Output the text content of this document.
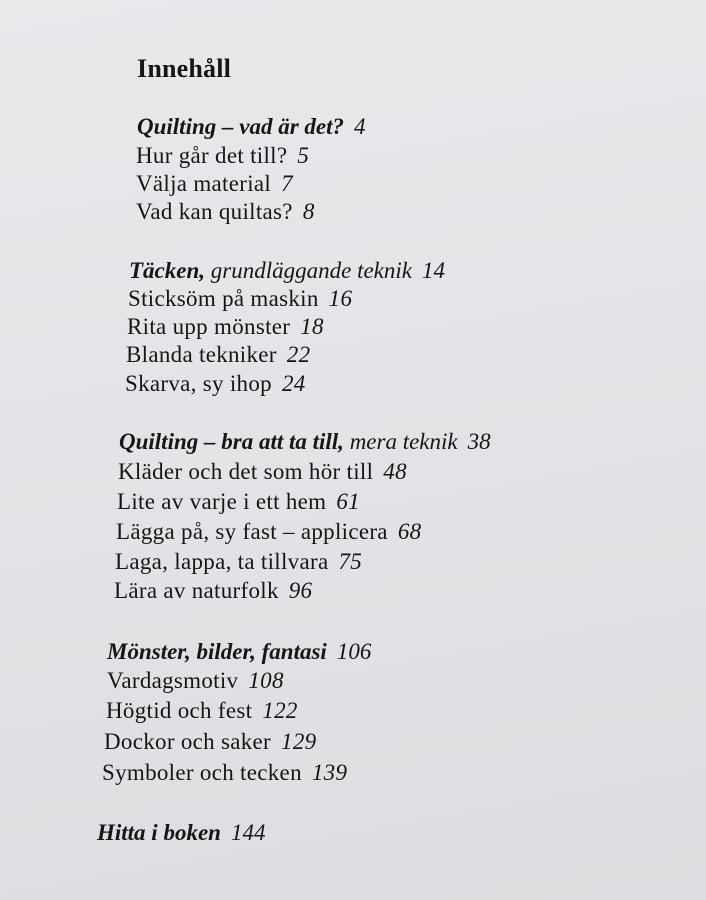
Innehåll
Quilting – vad är det? 4
Hur går det till? 5
Välja material 7
Vad kan quiltas? 8
Täcken, grundläggande teknik 14
Sticksöm på maskin 16
Rita upp mönster 18
Blanda tekniker 22
Skarva, sy ihop 24
Quilting – bra att ta till, mera teknik 38
Kläder och det som hör till 48
Lite av varje i ett hem 61
Lägga på, sy fast – applicera 68
Laga, lappa, ta tillvara 75
Lära av naturfolk 96
Mönster, bilder, fantasi 106
Vardagsmotiv 108
Högtid och fest 122
Dockor och saker 129
Symboler och tecken 139
Hitta i boken 144
